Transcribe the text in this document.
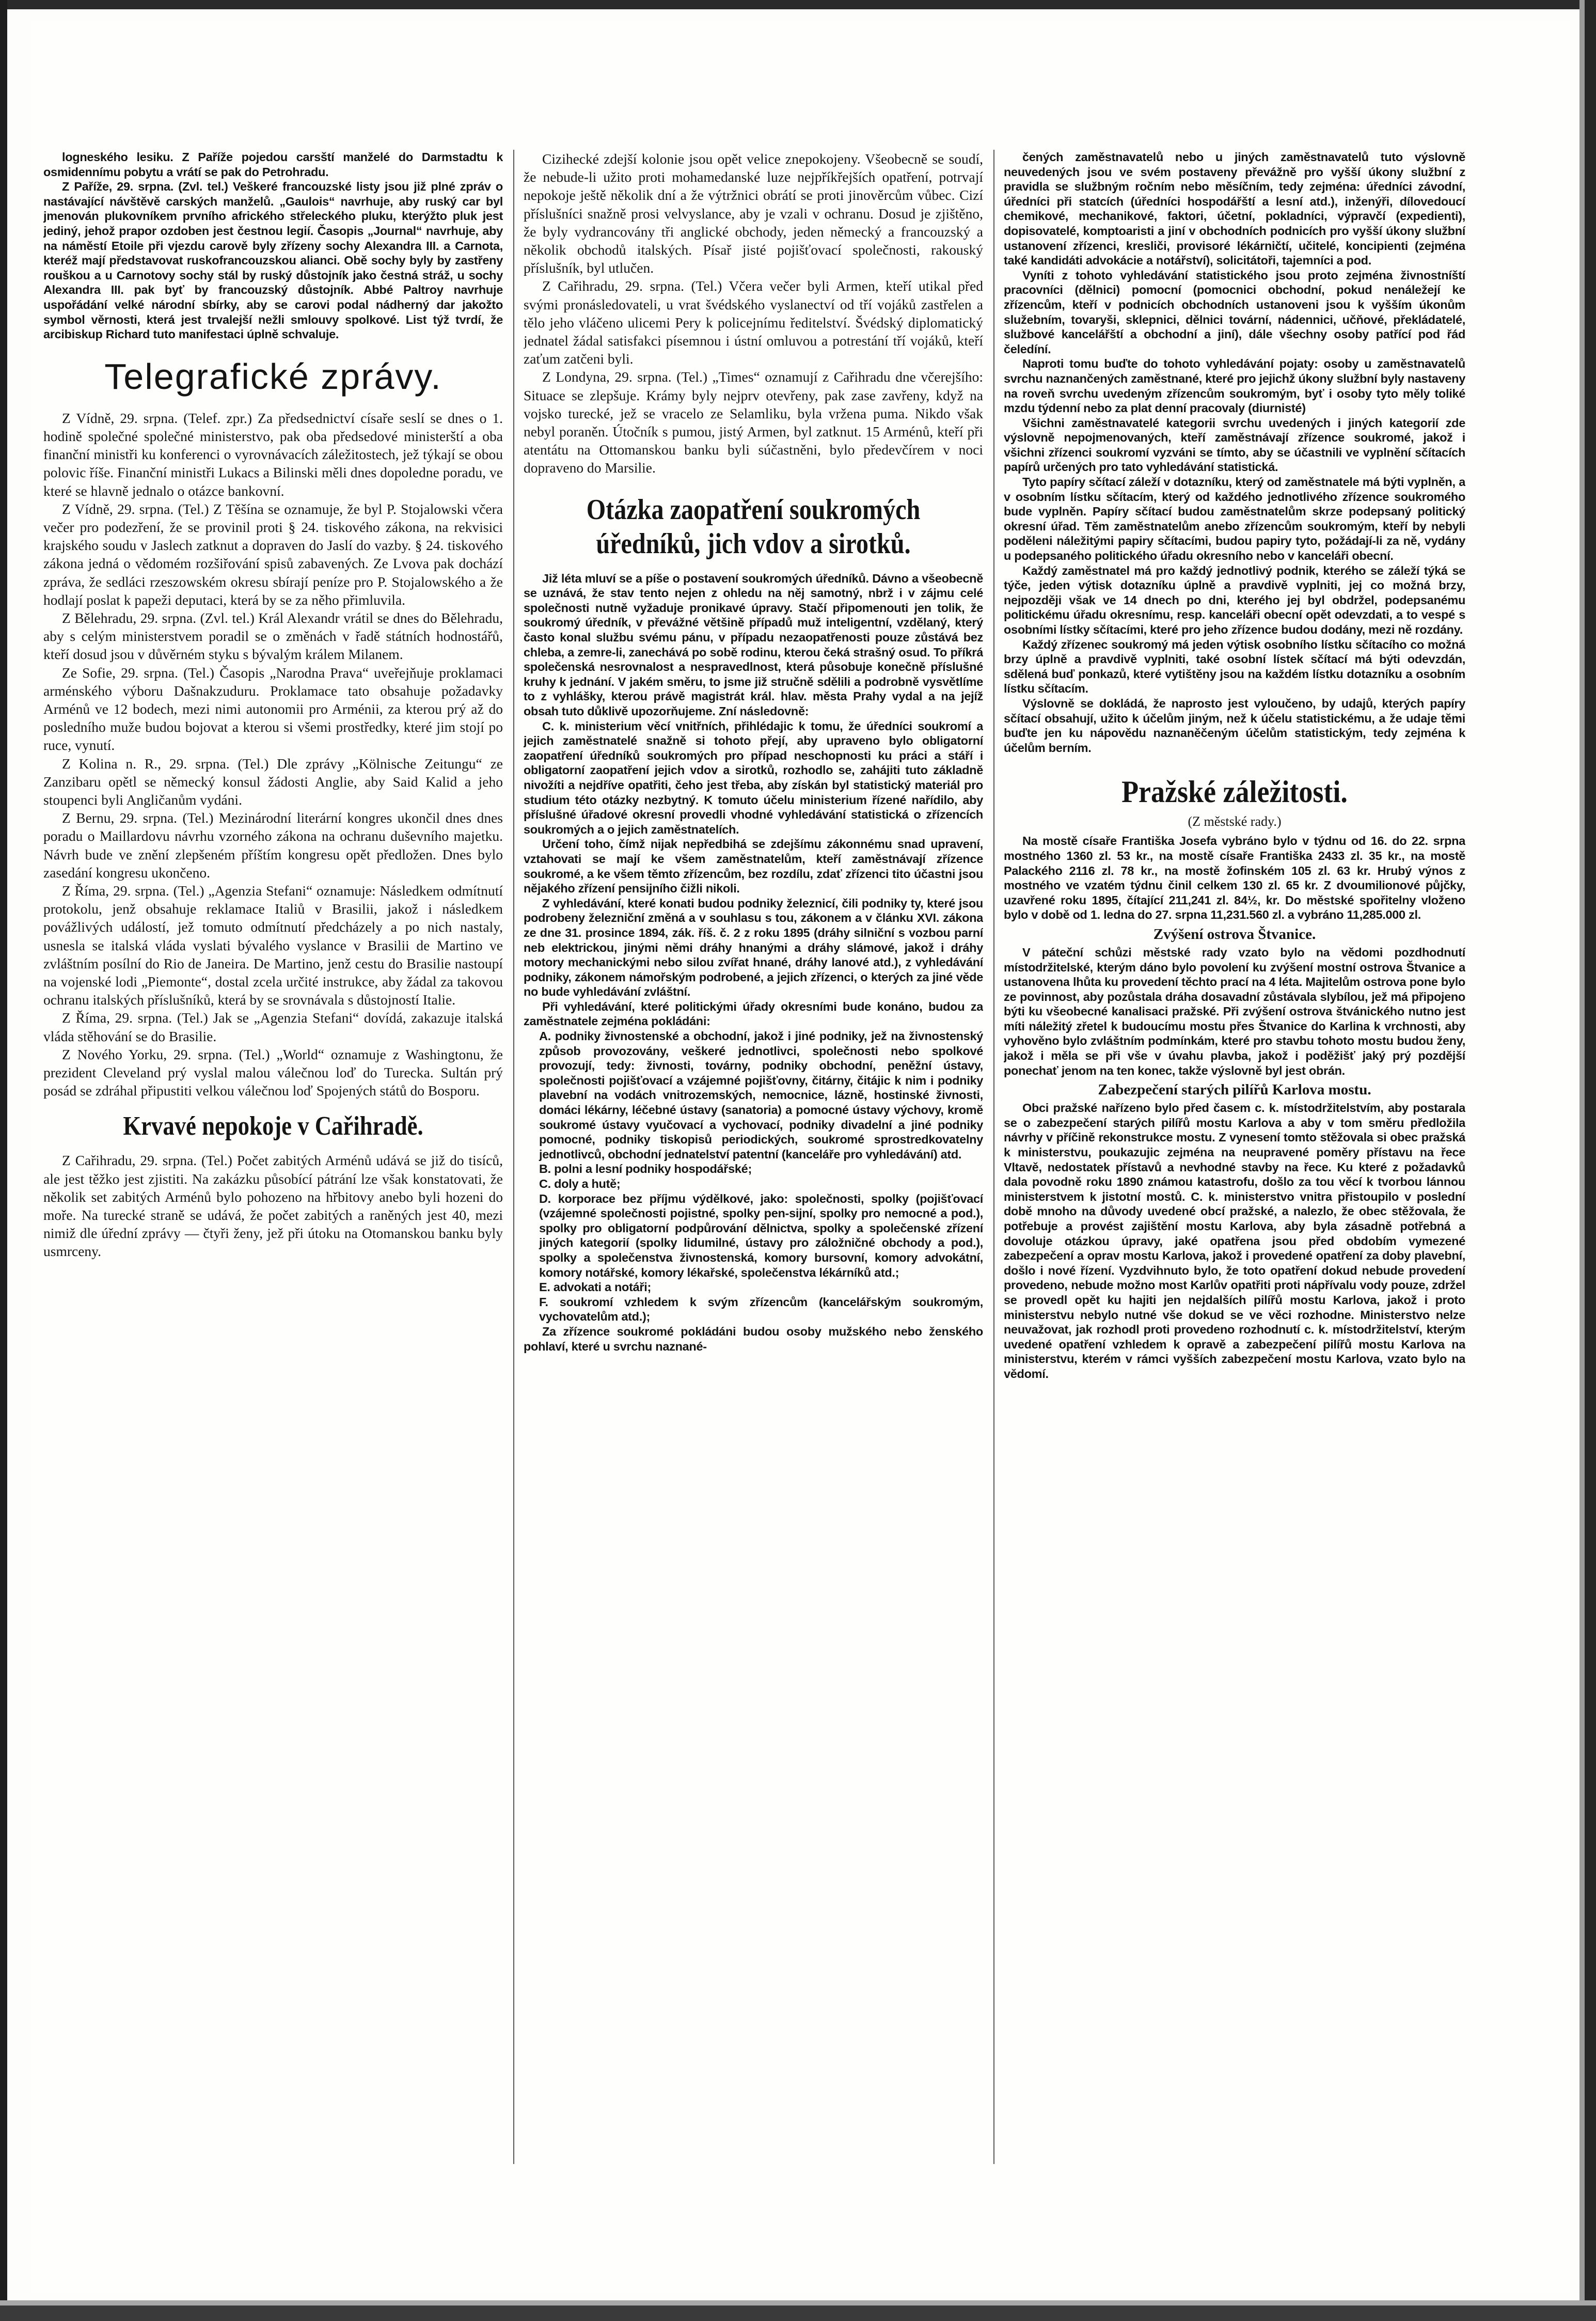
logneského lesiku. Z Paříže pojedou carsští manželé do Darmstadtu k osmidennímu pobytu a vrátí se pak do Petrohradu.

Z Paříže, 29. srpna. (Zvl. tel.) Veškeré francouzské listy jsou již plné zpráv o nastávající návštěvě carských manželů. „Gaulois“ navrhuje, aby ruský car byl jmenován plukovníkem prvního afrického střeleckého pluku, kterýžto pluk jest jediný, jehož prapor ozdoben jest čestnou legií. Časopis „Journal“ navrhuje, aby na náměstí Etoile při vjezdu carově byly zřízeny sochy Alexandra III. a Carnota, kteréž mají představovat ruskofrancouzskou alianci. Obě sochy byly by zastřeny rouškou a u Carnotovy sochy stál by ruský důstojník jako čestná stráž, u sochy Alexandra III. pak byť by francouzský důstojník. Abbé Paltroy navrhuje uspořádání velké národní sbírky, aby se carovi podal nádherný dar jakožto symbol věrnosti, která jest trvalejší nežli smlouvy spolkové. List týž tvrdí, že arcibiskup Richard tuto manifestaci úplně schvaluje.

Telegrafické zprávy.

Z Vídně, 29. srpna. (Telef. zpr.) Za předsednictví císaře seslí se dnes o 1. hodině společné společné ministerstvo, pak oba předsedové ministerští a oba finanční ministři ku konferenci o vyrovnávacích záležitostech, jež týkají se obou polovic říše. Finanční ministři Lukacs a Bilinski měli dnes dopoledne poradu, ve které se hlavně jednalo o otázce bankovní.

Z Vídně, 29. srpna. (Tel.) Z Těšína se oznamuje, že byl P. Stojalowski včera večer pro podezření, že se provinil proti § 24. tiskového zákona, na rekvisici krajského soudu v Jaslech zatknut a dopraven do Jaslí do vazby. § 24. tiskového zákona jedná o vědomém rozšiřování spisů zabavených. Ze Lvova pak dochází zpráva, že sedláci rzeszowském okresu sbírají peníze pro P. Stojalowského a že hodlají poslat k papeži deputaci, která by se za něho přimluvila.

Z Bělehradu, 29. srpna. (Zvl. tel.) Král Alexandr vrátil se dnes do Bělehradu, aby s celým ministerstvem poradil se o změnách v řadě státních hodnostářů, kteří dosud jsou v důvěrném styku s bývalým králem Milanem.

Ze Sofie, 29. srpna. (Tel.) Časopis „Narodna Prava“ uveřejňuje proklamaci arménského výboru Dašnakzuduru. Proklamace tato obsahuje požadavky Arménů ve 12 bodech, mezi nimi autonomii pro Arménii, za kterou prý až do posledního muže budou bojovat a kterou si všemi prostředky, které jim stojí po ruce, vynutí.

Z Kolina n. R., 29. srpna. (Tel.) Dle zprávy „Kölnische Zeitungu“ ze Zanzibaru opětl se německý konsul žádosti Anglie, aby Said Kalid a jeho stoupenci byli Angličanům vydáni.

Z Bernu, 29. srpna. (Tel.) Mezinárodní literární kongres ukončil dnes dnes poradu o Maillardovu návrhu vzorného zákona na ochranu duševního majetku. Návrh bude ve znění zlepšeném příštím kongresu opět předložen. Dnes bylo zasedání kongresu ukončeno.

Z Říma, 29. srpna. (Tel.) „Agenzia Stefani“ oznamuje: Následkem odmítnutí protokolu, jenž obsahuje reklamace Italiů v Brasilii, jakož i následkem povážlivých událostí, jež tomuto odmítnutí předcházely a po nich nastaly, usnesla se italská vláda vyslati bývalého vyslance v Brasilii de Martino ve zvláštním posílní do Rio de Janeira. De Martino, jenž cestu do Brasilie nastoupí na vojenské lodi „Piemonte“, dostal zcela určité instrukce, aby žádal za takovou ochranu italských příslušníků, která by se srovnávala s důstojností Italie.

Z Říma, 29. srpna. (Tel.) Jak se „Agenzia Stefani“ dovídá, zakazuje italská vláda stěhování se do Brasilie.

Z Nového Yorku, 29. srpna. (Tel.) „World“ oznamuje z Washingtonu, že prezident Cleveland prý vyslal malou válečnou loď do Turecka. Sultán prý posád se zdráhal připustiti velkou válečnou loď Spojených států do Bosporu.

Krvavé nepokoje v Cařihradě.

Z Cařihradu, 29. srpna. (Tel.) Počet zabitých Arménů udává se již do tisíců, ale jest těžko jest zjistiti. Na zakázku působící pátrání lze však konstatovati, že několik set zabitých Arménů bylo pohozeno na hřbitovy anebo byli hozeni do moře. Na turecké straně se udává, že počet zabitých a raněných jest 40, mezi nimiž dle úřední zprávy — čtyři ženy, jež při útoku na Otomanskou banku byly usmrceny.

Cizihecké zdejší kolonie jsou opět velice znepokojeny. Všeobecně se soudí, že nebude-li užito proti mohamedanské luze nejpříkřejších opatření, potrvají nepokoje ještě několik dní a že výtržnici obrátí se proti jinověrcům vůbec. Cizí příslušníci snažně prosi velvyslance, aby je vzali v ochranu. Dosud je zjištěno, že byly vydrancovány tři anglické obchody, jeden německý a francouzský a několik obchodů italských. Písař jisté pojišťovací společnosti, rakouský příslušník, byl utlučen.

Z Cařihradu, 29. srpna. (Tel.) Včera večer byli Armen, kteří utikal před svými pronásledovateli, u vrat švédského vyslanectví od tří vojáků zastřelen a tělo jeho vláčeno ulicemi Pery k policejnímu ředitelství. Švédský diplomatický jednatel žádal satisfakci písemnou i ústní omluvou a potrestání tří vojáků, kteří zaťum zatčeni byli.

Z Londyna, 29. srpna. (Tel.) „Times“ oznamují z Cařihradu dne včerejšího: Situace se zlepšuje. Krámy byly nejprv otevřeny, pak zase zavřeny, když na vojsko turecké, jež se vracelo ze Selamliku, byla vržena puma. Nikdo však nebyl poraněn. Útočník s pumou, jistý Armen, byl zatknut. 15 Arménů, kteří při atentátu na Ottomanskou banku byli súčastněni, bylo předevčírem v noci dopraveno do Marsilie.

Otázka zaopatření soukromých úředníků, jich vdov a sirotků.

Již léta mluví se a píše o postavení soukromých úředníků. Dávno a všeobecně se uznává, že stav tento nejen z ohledu na něj samotný, nbrž i v zájmu celé společnosti nutně vyžaduje pronikavé úpravy. Stačí připomenouti jen tolik, že soukromý úředník, v převážné většině případů muž inteligentní, vzdělaný, který často konal službu svému pánu, v případu nezaopatřenosti pouze zůstává bez chleba, a zemre-li, zanechává po sobě rodinu, kterou čeká strašný osud. To příkrá společenská nesrovnalost a nespravedlnost, která působuje konečně příslušné kruhy k jednání. V jakém směru, to jsme již stručně sdělili a podrobně vysvětlíme to z vyhlášky, kterou právě magistrát král. hlav. města Prahy vydal a na jejíž obsah tuto důklivě upozorňujeme. Zní následovně:

C. k. ministerium věcí vnitřních, přihlédajic k tomu, že úředníci soukromí a jejich zaměstnatelé snažně si tohoto přejí, aby upraveno bylo obligatorní zaopatření úředníků soukromých pro případ neschopnosti ku práci a stáří i obligatorní zaopatření jejich vdov a sirotků, rozhodlo se, zahájiti tuto základně nivožíti a nejdříve opatřiti, čeho jest třeba, aby získán byl statistický materiál pro studium této otázky nezbytný. K tomuto účelu ministerium řízené nařídilo, aby příslušné úřadové okresní provedli vhodné vyhledávání statistická o zřízencích soukromých a o jejich zaměstnatelích.

Určení toho, čímž nijak nepředbihá se zdejšímu zákonnému snad upravení, vztahovati se mají ke všem zaměstnatelům, kteří zaměstnávají zřízence soukromé, a ke všem těmto zřízencům, bez rozdílu, zdať zřízenci tito účastni jsou nějakého zřízení pensijního čižli nikoli.

Z vyhledávání, které konati budou podniky železnicí, čili podniky ty, které jsou podrobeny železniční změná a v souhlasu s tou, zákonem a v článku XVI. zákona ze dne 31. prosince 1894, zák. říš. č. 2 z roku 1895 (dráhy silniční s vozbou parní neb elektrickou, jinými němi dráhy hnanými a dráhy slámové, jakož i dráhy motory mechanickými nebo silou zvířat hnané, dráhy lanové atd.), z vyhledávání podniky, zákonem námořským podrobené, a jejich zřízenci, o kterých za jiné věde no bude vyhledávání zvláštní.

Při vyhledávání, které politickými úřady okresními bude konáno, budou za zaměstnatele zejména pokládáni:

A. podniky živnostenské a obchodní, jakož i jiné podniky, jež na živnostenský způsob provozovány, veškeré jednotlivci, společnosti nebo spolkové provozují, tedy: živnosti, továrny, podniky obchodní, peněžní ústavy, společnosti pojišťovací a vzájemné pojišťovny, čitárny, čitájic k nim i podniky plavební na vodách vnitrozemských, nemocnice, lázně, hostinské živnosti, domáci lékárny, léčebné ústavy (sanatoria) a pomocné ústavy výchovy, kromě soukromé ústavy vyučovací a vychovací, podniky divadelní a jiné podniky pomocné, podniky tiskopisů periodických, soukromé sprostredkovatelny jednotlivců, obchodní jednatelství patentní (kanceláře pro vyhledávání) atd.

B. polni a lesní podniky hospodářské;

C. doly a hutě;

D. korporace bez příjmu výdělkové, jako: společnosti, spolky (pojišťovací (vzájemné společnosti pojistné, spolky pen-sijní, spolky pro nemocné a pod.), spolky pro obligatorní podpůrování dělnictva, spolky a společenské zřízení jiných kategorií (spolky lidumilné, ústavy pro záložničné obchody a pod.), spolky a společenstva živnostenská, komory bursovní, komory advokátní, komory notářské, komory lékařské, společenstva lékárníků atd.;

E. advokati a notáři;

F. soukromí vzhledem k svým zřízencům (kancelářským soukromým, vychovatelům atd.);

Za zřízence soukromé pokládáni budou osoby mužského nebo ženského pohlaví, které u svrchu naznané-

čených zaměstnavatelů nebo u jiných zaměstnavatelů tuto výslovně neuvedených jsou ve svém postaveny převážně pro vyšší úkony službní z pravidla se službným ročním nebo měsíčním, tedy zejména: úředníci závodní, úředníci při statcích (úředníci hospodářští a lesní atd.), inženýři, dílovedoucí chemikové, mechanikové, faktori, účetní, pokladníci, výpravčí (expedienti), dopisovatelé, komptoaristi a jiní v obchodních podnicích pro vyšší úkony službní ustanovení zřízenci, kresliči, provisoré lékárničtí, učitelé, koncipienti (zejména také kandidáti advokácie a notářství), solicitátoři, tajemníci a pod.

Vyníti z tohoto vyhledávání statistického jsou proto zejména živnostníští pracovníci (dělnici) pomocní (pomocnici obchodní, pokud nenáležejí ke zřízencům, kteří v podnicích obchodních ustanoveni jsou k vyšším úkonům služebním, tovaryši, sklepnici, dělnici tovární, nádennici, učňové, překládatelé, službové kancelářští a obchodní a jiní), dále všechny osoby patřící pod řád čeledíní.

Naproti tomu buďte do tohoto vyhledávání pojaty: osoby u zaměstnavatelů svrchu naznančených zaměstnané, které pro jejichž úkony službní byly nastaveny na roveň svrchu uvedeným zřízencům soukromým, byť i osoby tyto měly toliké mzdu týdenní nebo za plat denní pracovaly (diurnisté)

Všichni zaměstnavatelé kategorii svrchu uvedených i jiných kategorií zde výslovně nepojmenovaných, kteří zaměstnávají zřízence soukromé, jakož i všichni zřízenci soukromí vyzváni se tímto, aby se účastnili ve vyplnění sčítacích papírů určených pro tato vyhledávání statistická.

Tyto papíry sčítací záleží v dotazníku, který od zaměstnatele má býti vyplněn, a v osobním lístku sčítacím, který od každého jednotlivého zřízence soukromého bude vyplněn. Papíry sčítací budou zaměstnatelům skrze podepsaný politický okresní úřad. Těm zaměstnatelům anebo zřízencům soukromým, kteří by nebyli poděleni náležitými papiry sčítacími, budou papiry tyto, požádají-li za ně, vydány u podepsaného politického úřadu okresního nebo v kanceláři obecní.

Každý zaměstnatel má pro každý jednotlivý podnik, kterého se záleží týká se týče, jeden výtisk dotazníku úplně a pravdivě vyplniti, jej co možná brzy, nejpozději však ve 14 dnech po dni, kterého jej byl obdržel, podepsanému politickému úřadu okresnímu, resp. kanceláři obecní opět odevzdati, a to vespé s osobními lístky sčítacími, které pro jeho zřízence budou dodány, mezi ně rozdány.

Každý zřízenec soukromý má jeden výtisk osobního lístku sčítacího co možná brzy úplně a pravdivě vyplniti, také osobní lístek sčítací má býti odevzdán, sdělená buď ponkazů, které vytištěny jsou na každém lístku dotazníku a osobním lístku sčítacím.

Výslovně se dokládá, že naprosto jest vyloučeno, by udajů, kterých papíry sčítací obsahují, užito k účelům jiným, než k účelu statistickému, a že udaje těmi buďte jen ku nápovědu naznaněčeným účelům statistickým, tedy zejména k účelům berním.

Pražské záležitosti.
(Z městské rady.)

Na mostě císaře Františka Josefa vybráno bylo v týdnu od 16. do 22. srpna mostného 1360 zl. 53 kr., na mostě císaře Františka 2433 zl. 35 kr., na mostě Palackého 2116 zl. 78 kr., na mostě žofinském 105 zl. 63 kr. Hrubý výnos z mostného ve vzatém týdnu činil celkem 130 zl. 65 kr. Z dvoumilionové půjčky, uzavřené roku 1895, čítající 211,241 zl. 84½, kr. Do městské spořitelny vloženo bylo v době od 1. ledna do 27. srpna 11,231.560 zl. a vybráno 11,285.000 zl.

Zvýšení ostrova Štvanice.

V páteční schůzi městské rady vzato bylo na vědomi pozdhodnutí místodržitelské, kterým dáno bylo povolení ku zvýšení mostní ostrova Štvanice a ustanovena lhůta ku provedení těchto prací na 4 léta. Majitelům ostrova pone bylo ze povinnost, aby pozůstala dráha dosavadní zůstávala slybílou, jež má připojeno býti ku všeobecné kanalisaci pražské. Při zvýšení ostrova štvánického nutno jest míti náležitý zřetel k budoucímu mostu přes Štvanice do Karlina k vrchnosti, aby vyhověno bylo zvláštním podmínkám, které pro stavbu tohoto mostu budou ženy, jakož i měla se při vše v úvahu plavba, jakož i poděžišť jaký prý pozdější ponechať jenom na ten konec, takže výslovně byl jest obrán.

Zabezpečení starých pilířů Karlova mostu.

Obci pražské nařízeno bylo před časem c. k. místodržitelstvím, aby postarala se o zabezpečení starých pilířů mostu Karlova a aby v tom směru předložila návrhy v příčině rekonstrukce mostu. Z vynesení tomto stěžovala si obec pražská k ministerstvu, poukazujic zejména na neupravené poměry přístavu na řece Vltavě, nedostatek přístavů a nevhodné stavby na řece. Ku které z požadavků dala povodně roku 1890 známou katastrofu, došlo za tou věcí k tvorbou lánnou ministerstvem k jistotní mostů. C. k. ministerstvo vnitra přistoupilo v poslední době mnoho na důvody uvedené obcí pražské, a nalezlo, že obec stěžovala, že potřebuje a provést zajištění mostu Karlova, aby byla zásadně potřebná a dovoluje otázkou úpravy, jaké opatřena jsou před obdobím vymezené zabezpečení a oprav mostu Karlova, jakož i provedené opatření za doby plavební, došlo i nové řízení. Vyzdvihnuto bylo, že toto opatření dokud nebude provedení provedeno, nebude možno most Karlův opatřiti proti nápřívalu vody pouze, zdržel se provedl opět ku hajiti jen nejdalších pilířů mostu Karlova, jakož i proto ministerstvu nebylo nutné vše dokud se ve věci rozhodne. Ministerstvo nelze neuvažovat, jak rozhodl proti provedeno rozhodnutí c. k. místodržitelství, kterým uvedené opatření vzhledem k opravě a zabezpečení pilířů mostu Karlova na ministerstvu, kterém v rámci vyšších zabezpečení mostu Karlova, vzato bylo na vědomí.
